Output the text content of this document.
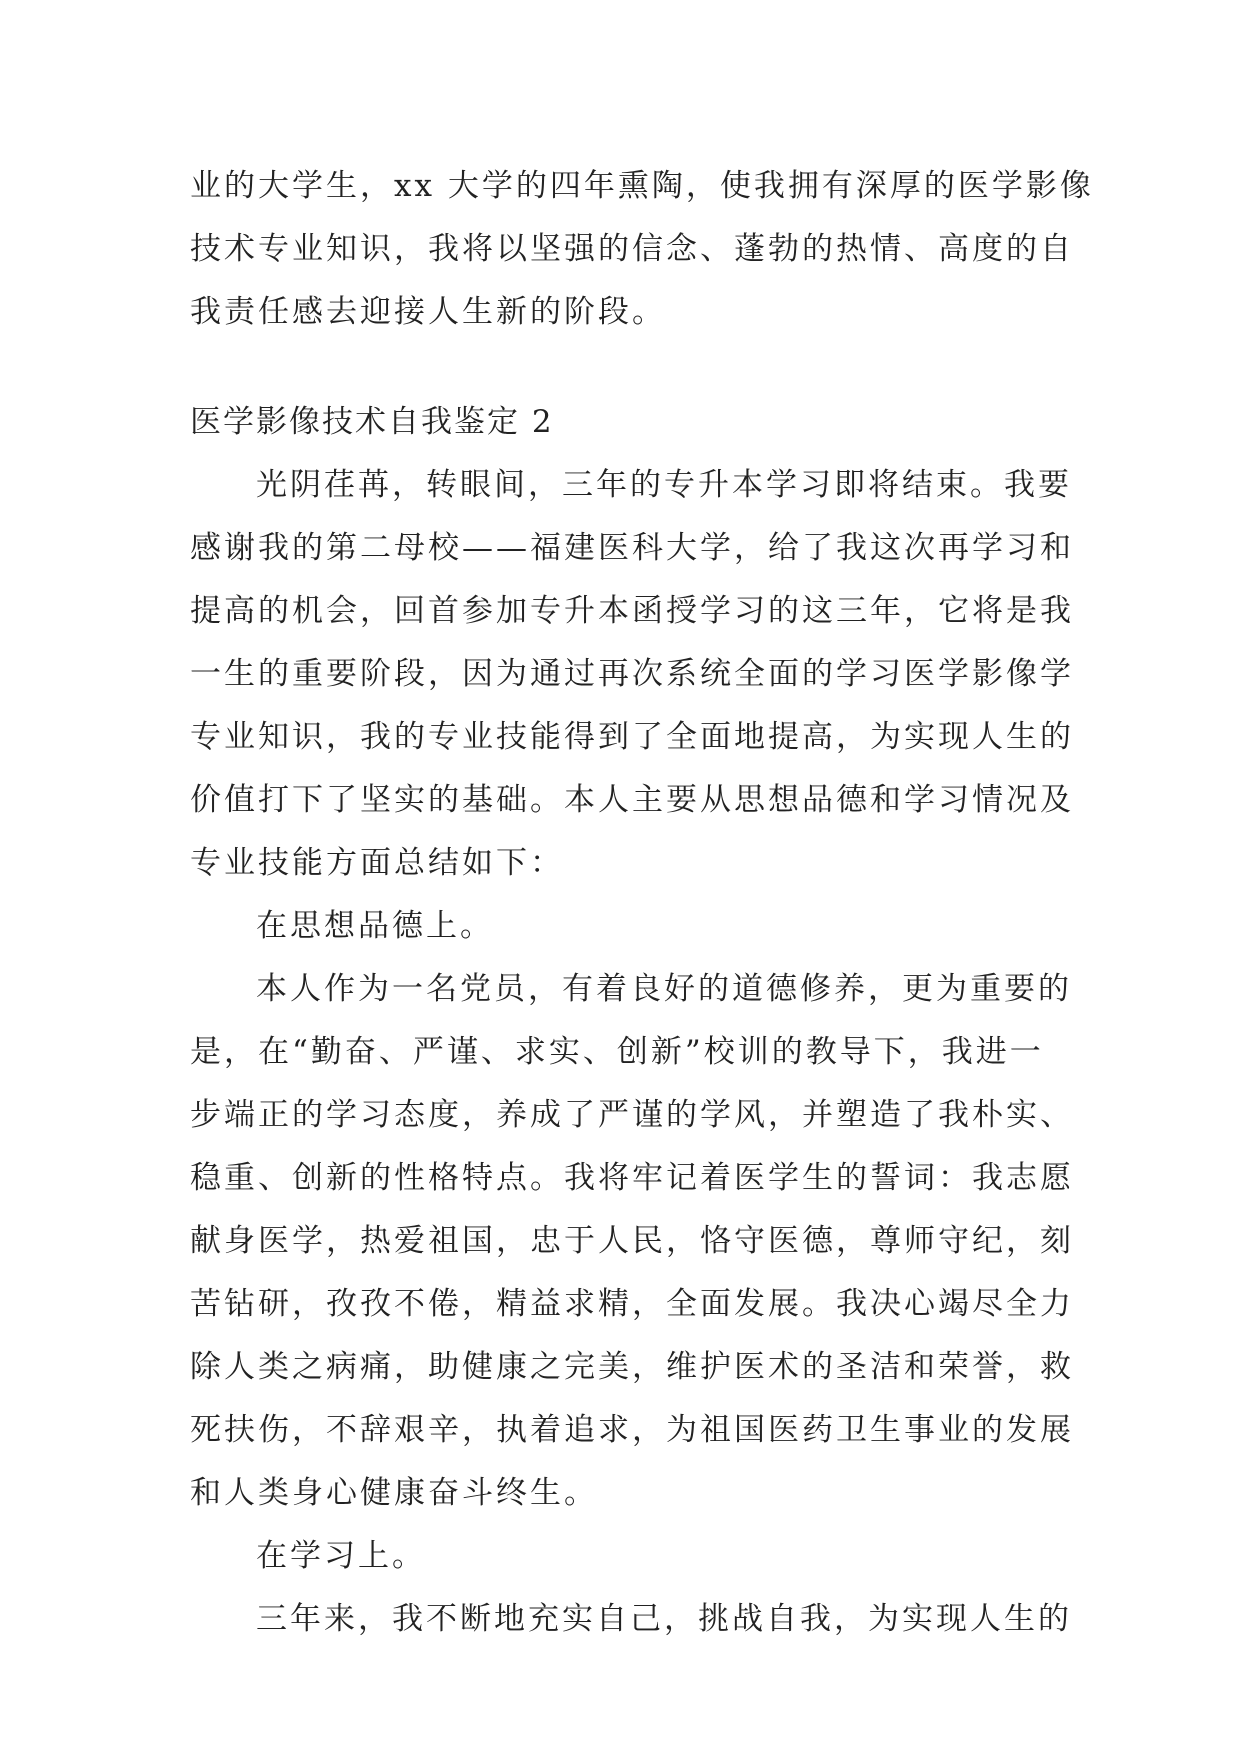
业的大学生，xx 大学的四年熏陶，使我拥有深厚的医学影像
技术专业知识，我将以坚强的信念、蓬勃的热情、高度的自
我责任感去迎接人生新的阶段。
医学影像技术自我鉴定 2
光阴荏苒，转眼间，三年的专升本学习即将结束。我要
感谢我的第二母校——福建医科大学，给了我这次再学习和
提高的机会，回首参加专升本函授学习的这三年，它将是我
一生的重要阶段，因为通过再次系统全面的学习医学影像学
专业知识，我的专业技能得到了全面地提高，为实现人生的
价值打下了坚实的基础。本人主要从思想品德和学习情况及
专业技能方面总结如下：
在思想品德上。
本人作为一名党员，有着良好的道德修养，更为重要的
是，在“勤奋、严谨、求实、创新”校训的教导下，我进一
步端正的学习态度，养成了严谨的学风，并塑造了我朴实、
稳重、创新的性格特点。我将牢记着医学生的誓词：我志愿
献身医学，热爱祖国，忠于人民，恪守医德，尊师守纪，刻
苦钻研，孜孜不倦，精益求精，全面发展。我决心竭尽全力
除人类之病痛，助健康之完美，维护医术的圣洁和荣誉，救
死扶伤，不辞艰辛，执着追求，为祖国医药卫生事业的发展
和人类身心健康奋斗终生。
在学习上。
三年来，我不断地充实自己，挑战自我，为实现人生的
